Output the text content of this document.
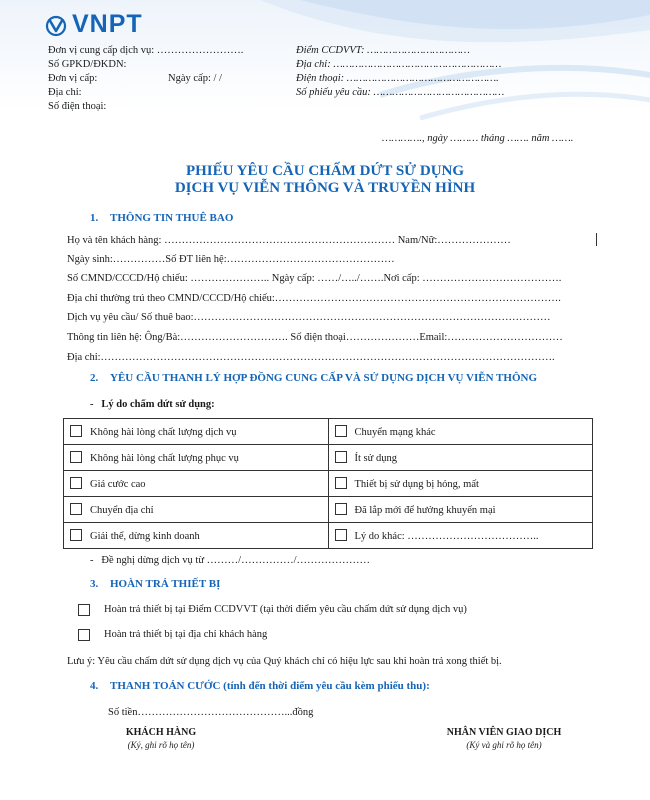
VNPT
Đơn vị cung cấp dịch vụ: …………………….
Số GPKD/ĐKDN:
Đơn vị cấp:	Ngày cấp: / /
Địa chỉ:
Số điện thoại:
Điểm CCDVVT: ……………………………
Địa chỉ: ………………………………………………
Điện thoại: ………………………………………….
Số phiếu yêu cầu: ……………………………………
…………., ngày ……… tháng ……. năm …….
PHIẾU YÊU CẦU CHẤM DỨT SỬ DỤNG
DỊCH VỤ VIỄN THÔNG VÀ TRUYỀN HÌNH
1. THÔNG TIN THUÊ BAO
Họ và tên khách hàng: ………………………………………………………… Nam/Nữ:…………………
Ngày sinh:……………Số ĐT liên hệ:…………………………………………
Số CMND/CCCD/Hộ chiếu: ………………….. Ngày cấp: ……/…../…….Nơi cấp: ………………………………….
Địa chỉ thường trú theo CMND/CCCD/Hộ chiếu:……………………………………………………………………….
Dịch vụ yêu cầu/ Số thuê bao:…………………………………………………………………………………………
Thông tin liên hệ: Ông/Bà:…………………………. Số điện thoại…………………Email:……………………………
Địa chỉ:………………………………………………………………………………………………………………….
2. YÊU CẦU THANH LÝ HỢP ĐỒNG CUNG CẤP VÀ SỬ DỤNG DỊCH VỤ VIỄN THÔNG
-   Lý do chấm dứt sử dụng:
Không hài lòng chất lượng dịch vụ	Chuyển mạng khác
Không hài lòng chất lượng phục vụ	Ít sử dụng
Giá cước cao	Thiết bị sử dụng bị hỏng, mất
Chuyển địa chỉ	Đã lắp mới để hưởng khuyến mại
Giải thể, dừng kinh doanh	Lý do khác: ………………………………..
-   Đề nghị dừng dịch vụ từ ………/……………/…………………
3. HOÀN TRẢ THIẾT BỊ
Hoàn trả thiết bị tại Điểm CCDVVT (tại thời điểm yêu cầu chấm dứt sử dụng dịch vụ)
Hoàn trả thiết bị tại địa chỉ khách hàng
Lưu ý: Yêu cầu chấm dứt sử dụng dịch vụ của Quý khách chỉ có hiệu lực sau khi hoàn trả xong thiết bị.
4. THANH TOÁN CƯỚC (tính đến thời điểm yêu cầu kèm phiếu thu):
Số tiền……………………………………...đồng
KHÁCH HÀNG
(Ký, ghi rõ họ tên)
NHÂN VIÊN GIAO DỊCH
(Ký và ghi rõ họ tên)
